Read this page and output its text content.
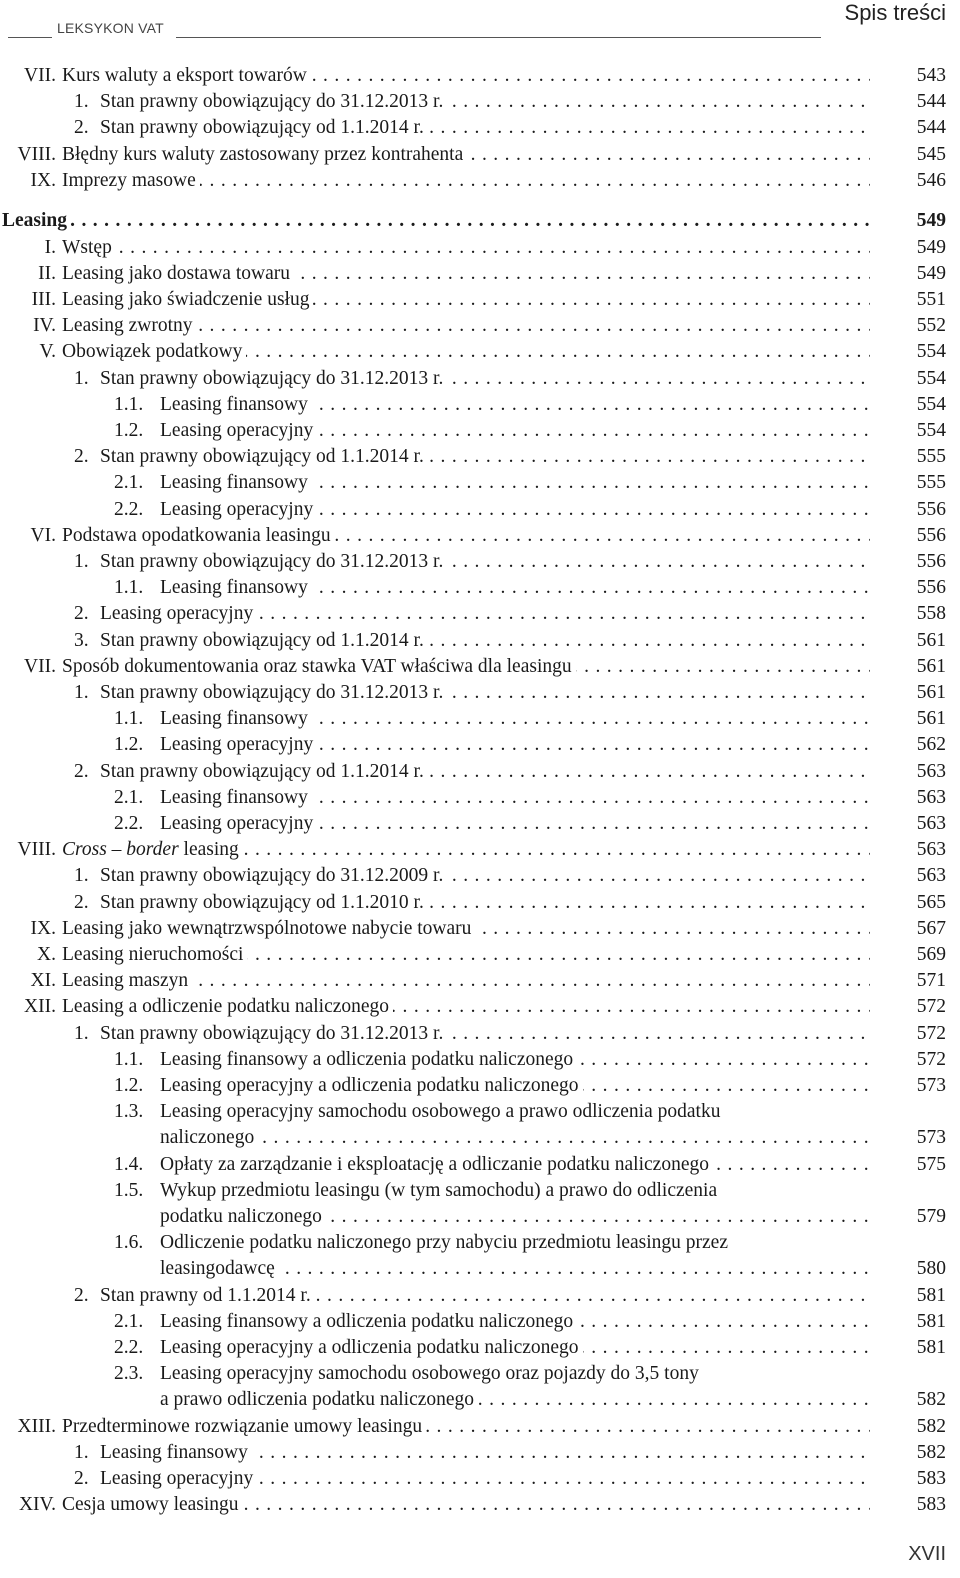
LEKSYKON VAT
Spis treści
VII. Kurs waluty a eksport towarów . . .	543
1. Stan prawny obowiązujący do 31.12.2013 r. . . .	544
2. Stan prawny obowiązujący od 1.1.2014 r. . . .	544
VIII. Błędny kurs waluty zastosowany przez kontrahenta . . .	545
IX. Imprezy masowe . . .	546
Leasing . . .	549
I. Wstęp . . .	549
II. Leasing jako dostawa towaru . . .	549
III. Leasing jako świadczenie usług . . .	551
IV. Leasing zwrotny . . .	552
V. Obowiązek podatkowy . . .	554
1. Stan prawny obowiązujący do 31.12.2013 r. . . .	554
1.1. Leasing finansowy . . .	554
1.2. Leasing operacyjny . . .	554
2. Stan prawny obowiązujący od 1.1.2014 r. . . .	555
2.1. Leasing finansowy . . .	555
2.2. Leasing operacyjny . . .	556
VI. Podstawa opodatkowania leasingu . . .	556
1. Stan prawny obowiązujący do 31.12.2013 r. . . .	556
1.1. Leasing finansowy . . .	556
2. Leasing operacyjny . . .	558
3. Stan prawny obowiązujący od 1.1.2014 r. . . .	561
VII. Sposób dokumentowania oraz stawka VAT właściwa dla leasingu . . .	561
1. Stan prawny obowiązujący do 31.12.2013 r. . . .	561
1.1. Leasing finansowy . . .	561
1.2. Leasing operacyjny . . .	562
2. Stan prawny obowiązujący od 1.1.2014 r. . . .	563
2.1. Leasing finansowy . . .	563
2.2. Leasing operacyjny . . .	563
VIII. Cross – border leasing . . .	563
1. Stan prawny obowiązujący do 31.12.2009 r. . . .	563
2. Stan prawny obowiązujący od 1.1.2010 r. . . .	565
IX. Leasing jako wewnątrzwspólnotowe nabycie towaru . . .	567
X. Leasing nieruchomości . . .	569
XI. Leasing maszyn . . .	571
XII. Leasing a odliczenie podatku naliczonego . . .	572
1. Stan prawny obowiązujący do 31.12.2013 r. . . .	572
1.1. Leasing finansowy a odliczenia podatku naliczonego . . .	572
1.2. Leasing operacyjny a odliczenia podatku naliczonego . . .	573
1.3. Leasing operacyjny samochodu osobowego a prawo odliczenia podatku
naliczonego . . .	573
1.4. Opłaty za zarządzanie i eksploatację a odliczanie podatku naliczonego . . .	575
1.5. Wykup przedmiotu leasingu (w tym samochodu) a prawo do odliczenia
podatku naliczonego . . .	579
1.6. Odliczenie podatku naliczonego przy nabyciu przedmiotu leasingu przez
leasingodawcę . . .	580
2. Stan prawny od 1.1.2014 r. . . .	581
2.1. Leasing finansowy a odliczenia podatku naliczonego . . .	581
2.2. Leasing operacyjny a odliczenia podatku naliczonego . . .	581
2.3. Leasing operacyjny samochodu osobowego oraz pojazdy do 3,5 tony
a prawo odliczenia podatku naliczonego . . .	582
XIII. Przedterminowe rozwiązanie umowy leasingu . . .	582
1. Leasing finansowy . . .	582
2. Leasing operacyjny . . .	583
XIV. Cesja umowy leasingu . . .	583
XVII
